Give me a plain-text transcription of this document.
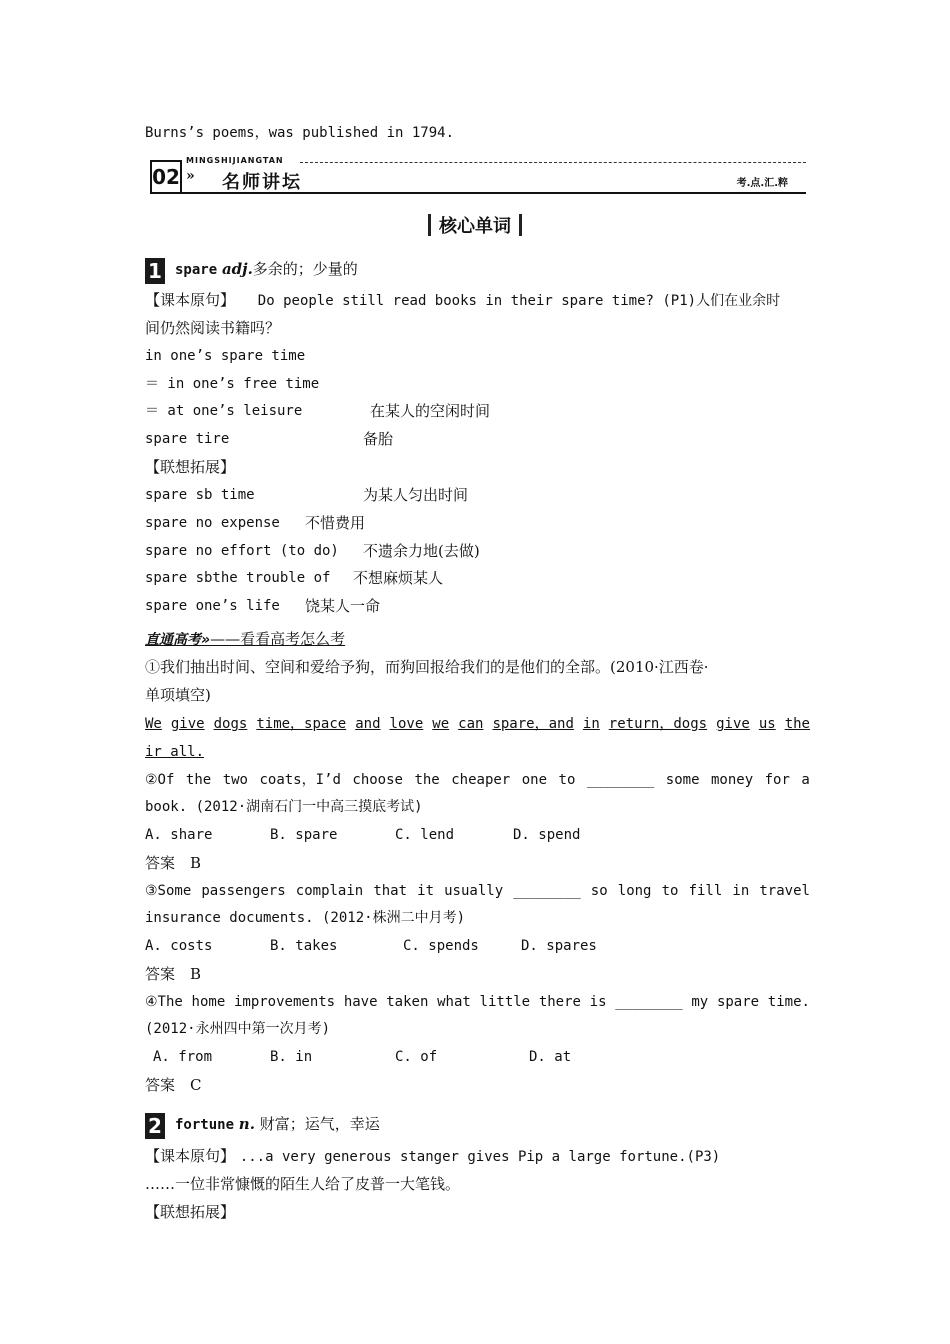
Burns’s poems，was published in 1794.
02
MINGSHIJIANGTAN
» 名师讲坛	考.点.汇.粹
核心单词
1 spare adj.多余的；少量的
【课本原句】 Do people still read books in their spare time? (P1)人们在业余时
间仍然阅读书籍吗？
in one’s spare time
＝ in one’s free time
＝ at one’s leisure	在某人的空闲时间
spare tire	备胎
【联想拓展】
spare sb time	为某人匀出时间
spare no expense 不惜费用
spare no effort (to do) 不遗余力地(去做)
spare sbthe trouble of 不想麻烦某人
spare one’s life 饶某人一命
直通高考»——看看高考怎么考
①我们抽出时间、空间和爱给予狗，而狗回报给我们的是他们的全部。(2010·江西卷·
单项填空)
We give dogs time，space and love we can spare，and in return，dogs give us the
ir all.
②Of the two coats，I’d choose the cheaper one to ________ some money for a
book. (2012·湖南石门一中高三摸底考试)
A. share	B. spare	C. lend	D. spend
答案　B
③Some passengers complain that it usually ________ so long to fill in travel
insurance documents. (2012·株洲二中月考)
A. costs	B. takes	C. spends	D. spares
答案　B
④The home improvements have taken what little there is ________ my spare time.
(2012·永州四中第一次月考)
A. from	B. in	C. of	D. at
答案　C
2 fortune n. 财富；运气，幸运
【课本原句】 ...a very generous stanger gives Pip a large fortune.(P3)
……一位非常慷慨的陌生人给了皮普一大笔钱。
【联想拓展】
